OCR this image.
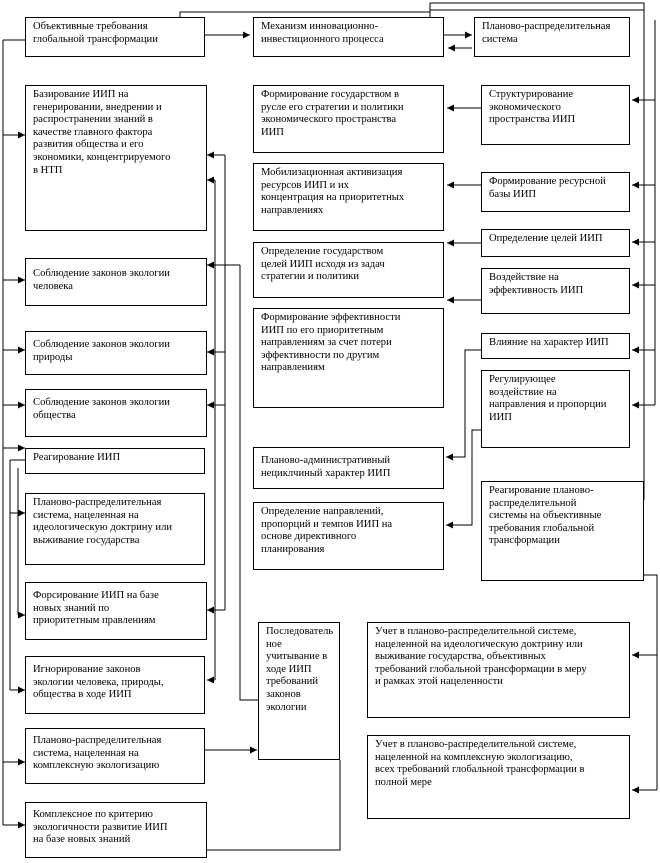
Объективные требования
глобальной трансформации
Базирование ИИП на
генерировании, внедрении и
распространении знаний в
качестве главного фактора
развития общества и его
экономики, концентрируемого
в НТП
Соблюдение законов экологии
человека
Соблюдение законов экологии
природы
Соблюдение законов экологии
общества
Реагирование ИИП
Планово-распределительная
система, нацеленная на
идеологическую доктрину или
выживание государства
Форсирование ИИП на базе
новых знаний по
приоритетным правлениям
Игнорирование законов
экологии человека, природы,
общества в ходе ИИП
Планово-распределительная
система, нацеленная на
комплексную экологизацию
Комплексное по критерию
экологичности развитие ИИП
на базе новых знаний
Механизм инновационно-
инвестиционного процесса
Формирование государством в
русле его стратегии и политики
экономического пространства
ИИП
Мобилизационная активизация
ресурсов ИИП и их
концентрация на приоритетных
направлениях
Определение государством
целей ИИП исходя из задач
стратегии и политики
Формирование эффективности
ИИП по его приоритетным
направлениям за счет потери
эффективности по другим
направлениям
Планово-административный
нециклчиный характер ИИП
Определение направлений,
пропорций и темпов ИИП на
основе директивного
планирования
Последователь
ное
учитывание в
ходе ИИП
требований
законов
экологии
Планово-распределительная
система
Структурирование
экономического
пространства ИИП
Формирование ресурсной
базы ИИП
Определение целей ИИП
Воздействие на
эффективность ИИП
Влияние на характер ИИП
Регулирующее
воздействие на
направления и пропорции
ИИП
Реагирование планово-
распределительной
системы на объективные
требования глобальной
трансформации
Учет в планово-распределительной системе,
нацеленной на идеологическую доктрину или
выживание государства, объективных
требований глобальной трансформации в меру
и рамках этой нацеленности
Учет в планово-распределительной системе,
нацеленной на комплексную экологизацию,
всех требований глобальной трансформации в
полной мере
